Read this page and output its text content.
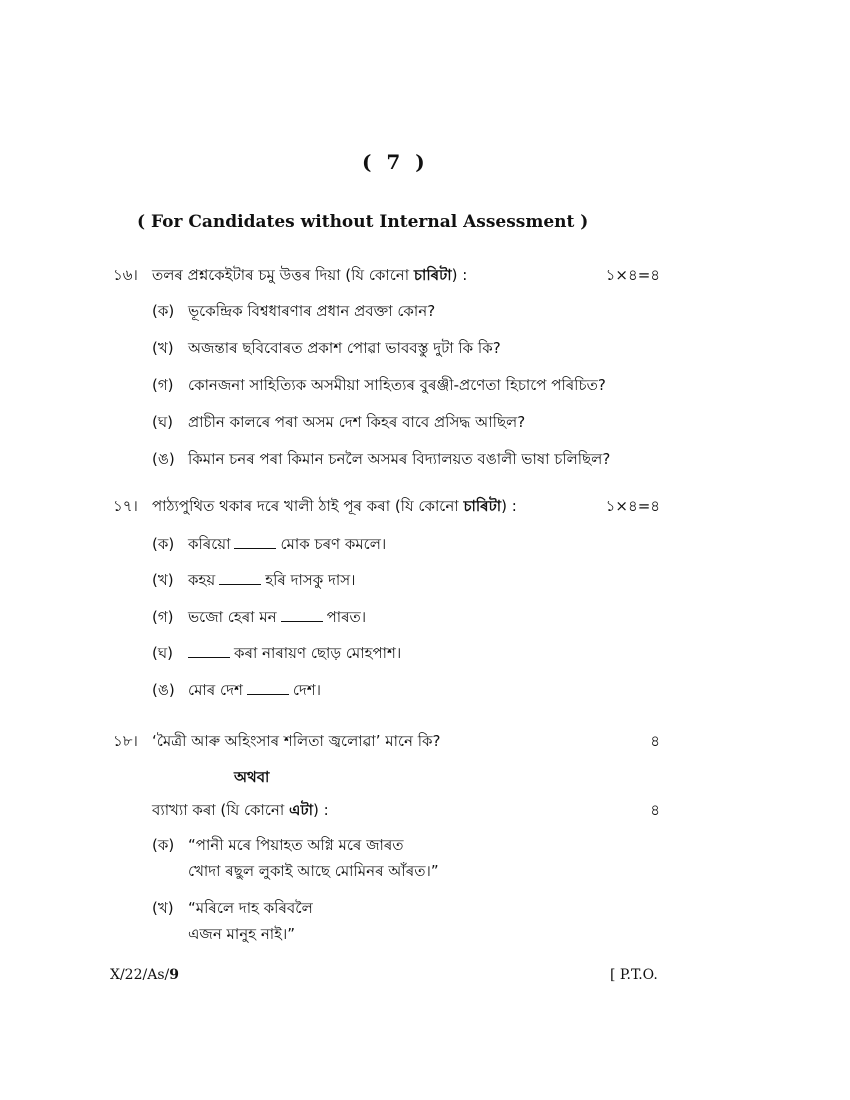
( 7 )
( For Candidates without Internal Assessment )
১৬। তলৰ প্ৰশ্নকেইটাৰ চমু উত্তৰ দিয়া (যি কোনো চাৰিটা) :	১×৪=৪
(ক) ভূকেন্দ্ৰিক বিশ্বধাৰণাৰ প্ৰধান প্ৰবক্তা কোন?
(খ) অজন্তাৰ ছবিবোৰত প্ৰকাশ পোৱা ভাববস্তু দুটা কি কি?
(গ) কোনজনা সাহিত্যিক অসমীয়া সাহিত্যৰ বুৰঞ্জী-প্ৰণেতা হিচাপে পৰিচিত?
(ঘ) প্ৰাচীন কালৰে পৰা অসম দেশ কিহৰ বাবে প্ৰসিদ্ধ আছিল?
(ঙ) কিমান চনৰ পৰা কিমান চনলৈ অসমৰ বিদ্যালয়ত বঙালী ভাষা চলিছিল?
১৭। পাঠ্যপুথিত থকাৰ দৰে খালী ঠাই পূৰ কৰা (যি কোনো চাৰিটা) :	১×৪=৪
(ক) কৰিয়ো	মোক চৰণ কমলে।
(খ) কহয়	হৰি দাসকু দাস।
(গ) ভজো হেৰা মন	পাৰত।
(ঘ)	কৰা নাৰায়ণ ছোড় মোহপাশ।
(ঙ) মোৰ দেশ	দেশ।
১৮। ‘মৈত্ৰী আৰু অহিংসাৰ শলিতা জ্বলোৱা’ মানে কি?	৪
অথবা
ব্যাখ্যা কৰা (যি কোনো এটা) :	৪
(ক) “পানী মৰে পিয়াহত অগ্নি মৰে জাৰত
খোদা ৰছুল লুকাই আছে মোমিনৰ আঁৰত।”
(খ) “মৰিলে দাহ কৰিবলৈ
এজন মানুহ নাই।”
X/22/As/9	[ P.T.O.
